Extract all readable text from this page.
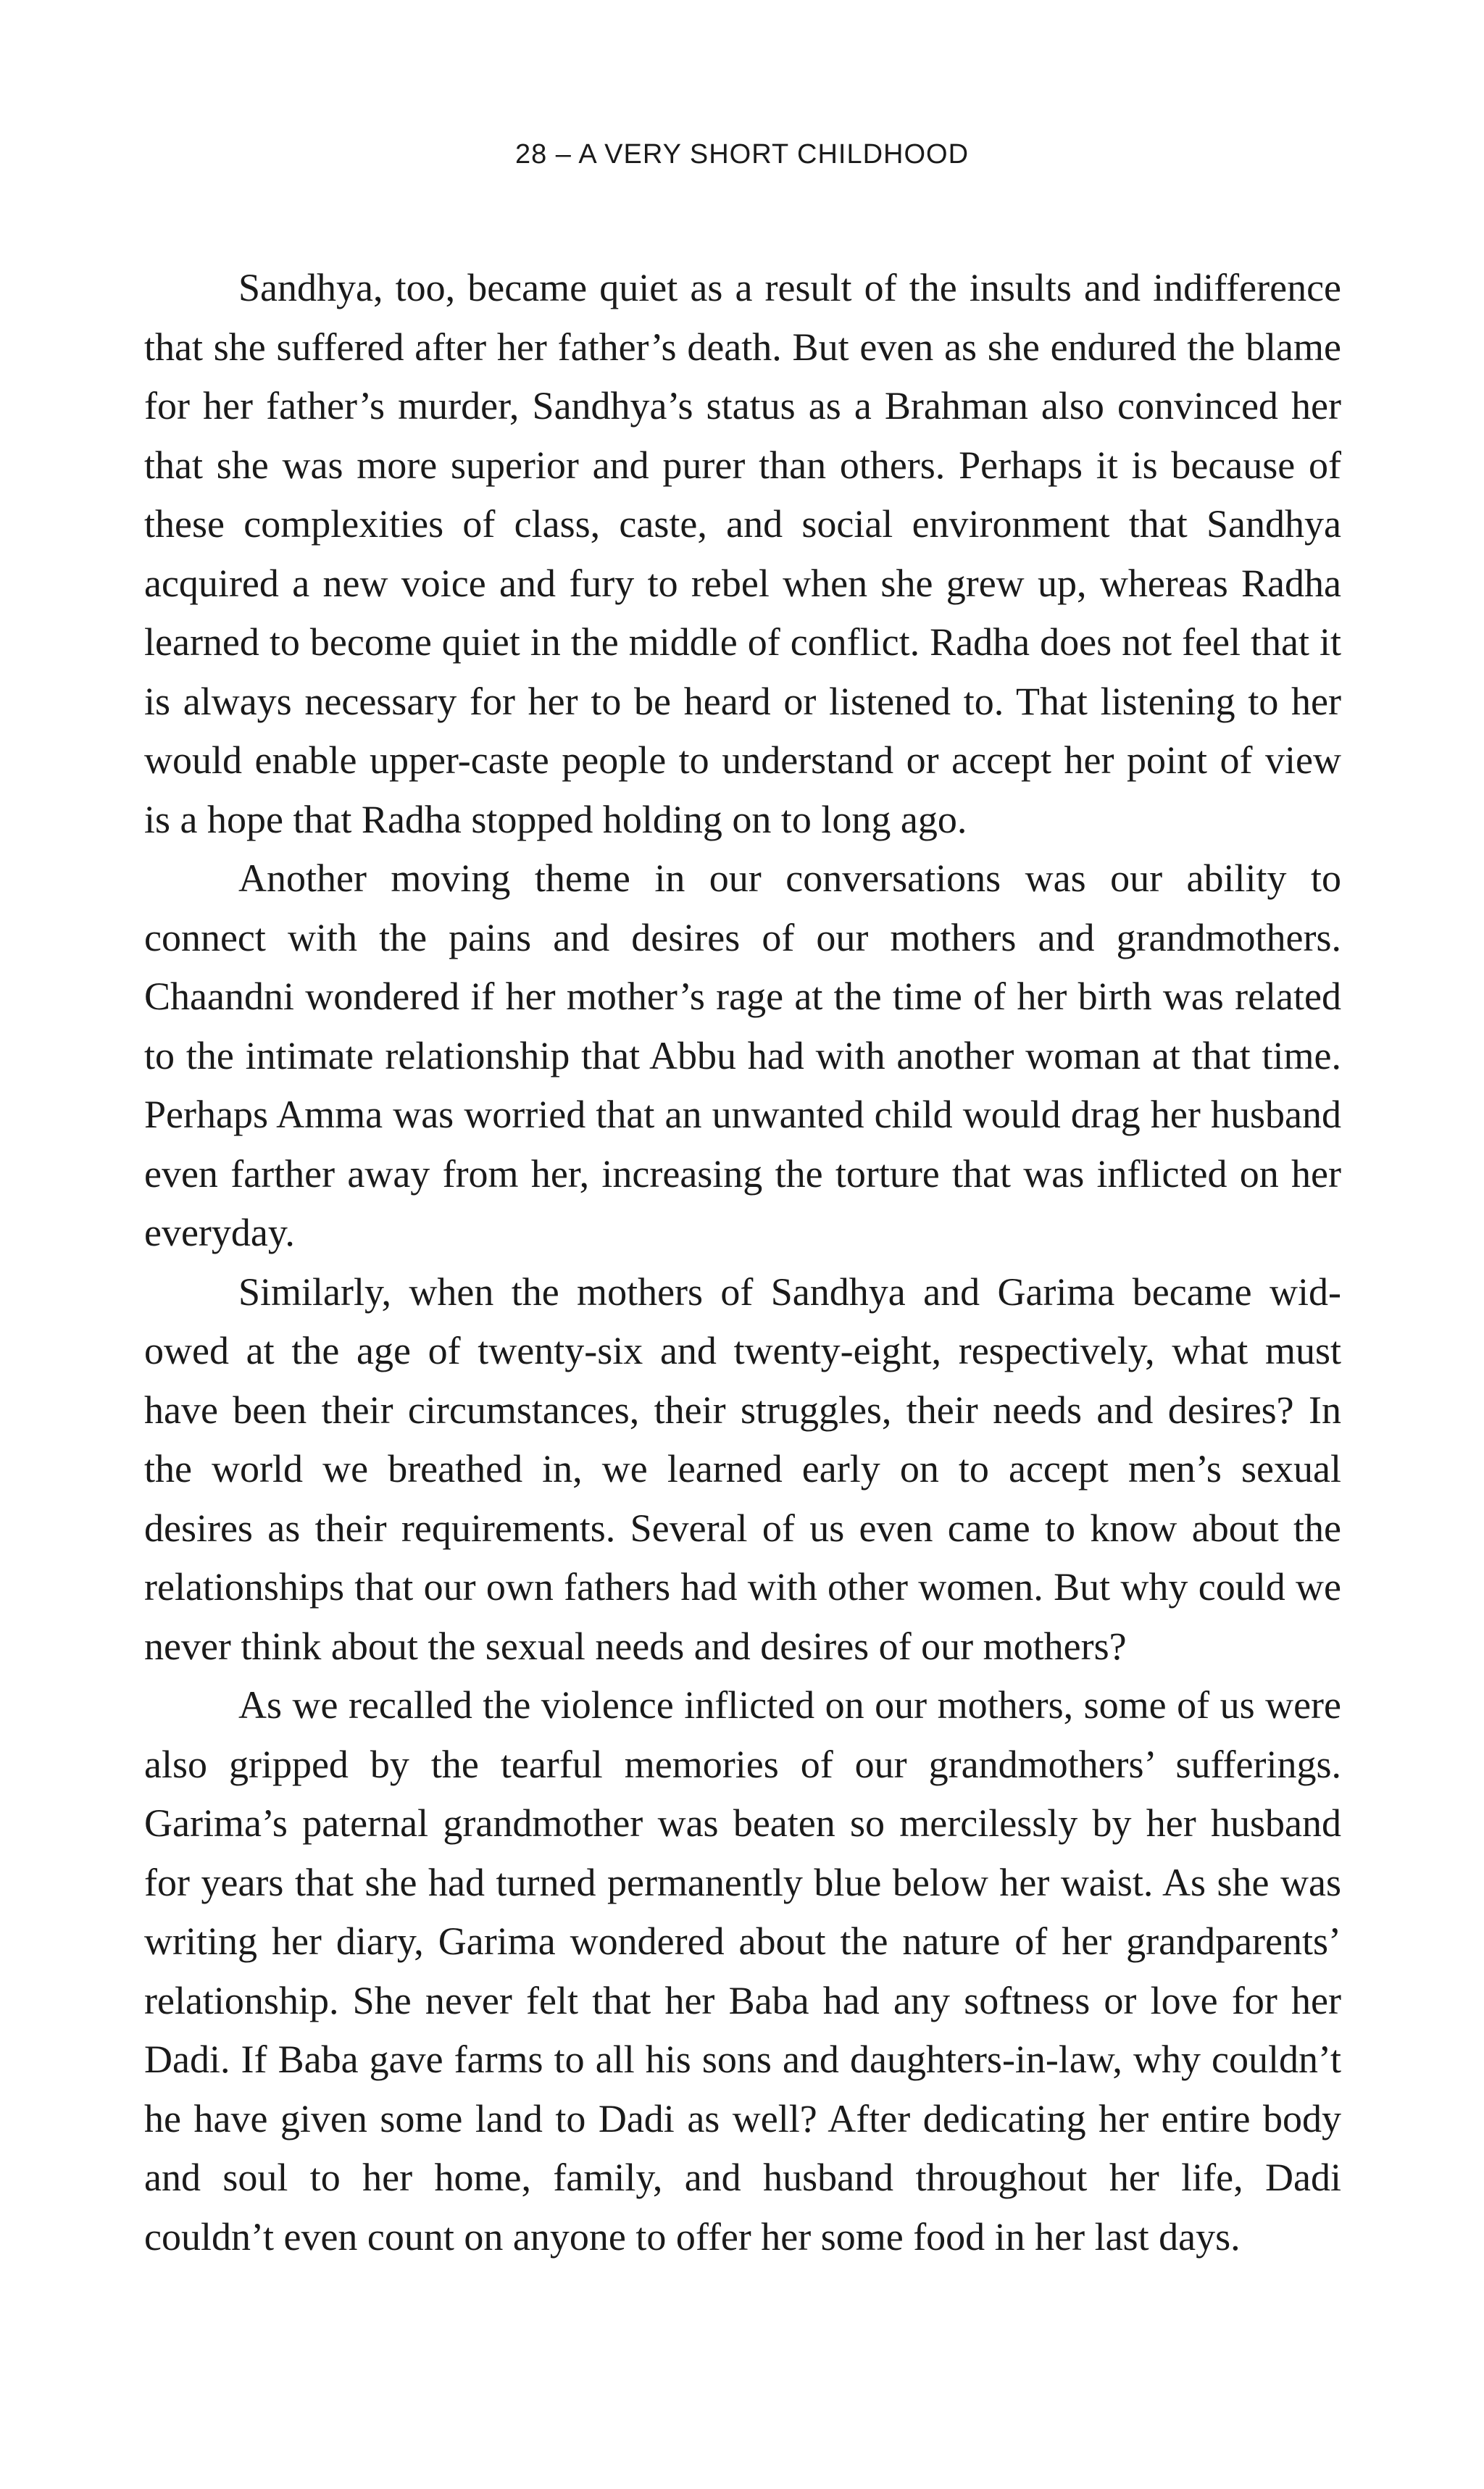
28 – A VERY SHORT CHILDHOOD

Sandhya, too, became quiet as a result of the insults and indifference that she suffered after her father’s death. But even as she endured the blame for her father’s murder, Sandhya’s status as a Brahman also convinced her that she was more superior and purer than others. Perhaps it is because of these complexities of class, caste, and social environment that Sandhya acquired a new voice and fury to rebel when she grew up, whereas Radha learned to become quiet in the middle of conflict. Radha does not feel that it is always necessary for her to be heard or listened to. That listening to her would enable upper-caste people to understand or accept her point of view is a hope that Radha stopped holding on to long ago.

Another moving theme in our conversations was our ability to connect with the pains and desires of our mothers and grandmothers. Chaandni wondered if her mother’s rage at the time of her birth was related to the intimate relationship that Abbu had with another woman at that time. Perhaps Amma was worried that an unwanted child would drag her husband even farther away from her, increasing the torture that was inflicted on her everyday.

Similarly, when the mothers of Sandhya and Garima became widowed at the age of twenty-six and twenty-eight, respectively, what must have been their circumstances, their struggles, their needs and desires? In the world we breathed in, we learned early on to accept men’s sexual desires as their requirements. Several of us even came to know about the relationships that our own fathers had with other women. But why could we never think about the sexual needs and desires of our mothers?

As we recalled the violence inflicted on our mothers, some of us were also gripped by the tearful memories of our grandmothers’ sufferings. Garima’s paternal grandmother was beaten so mercilessly by her husband for years that she had turned permanently blue below her waist. As she was writing her diary, Garima wondered about the nature of her grandparents’ relationship. She never felt that her Baba had any softness or love for her Dadi. If Baba gave farms to all his sons and daughters-in-law, why couldn’t he have given some land to Dadi as well? After dedicating her entire body and soul to her home, family, and husband throughout her life, Dadi couldn’t even count on anyone to offer her some food in her last days.
